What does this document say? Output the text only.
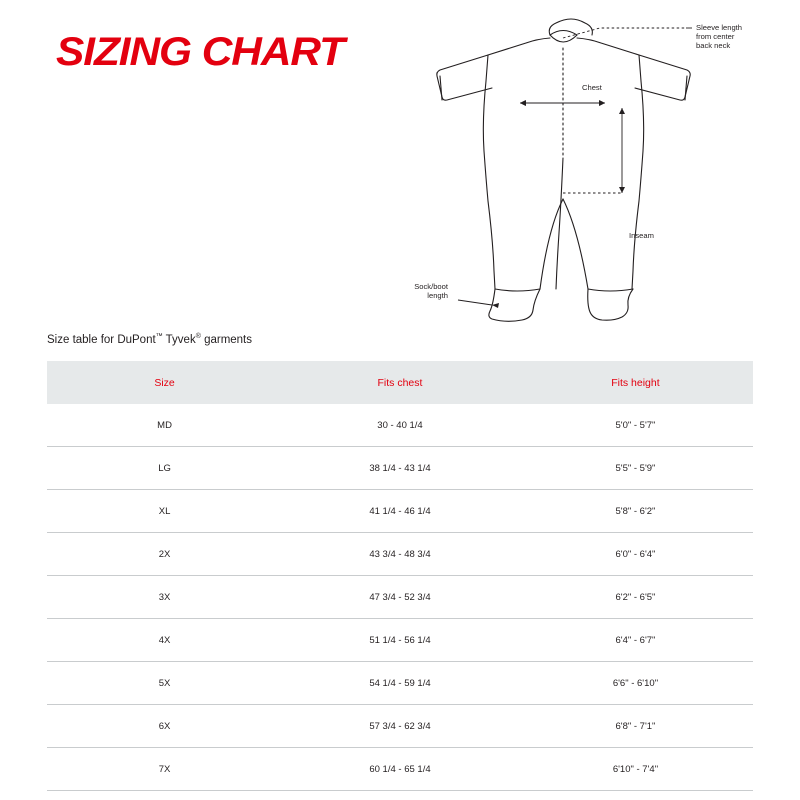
SIZING CHART
Sleeve length
from center
back neck
Chest
Inseam
Sock/boot
length
Size table for DuPont™ Tyvek® garments
Size	Fits chest	Fits height
MD	30 - 40 1/4	5'0" - 5'7"
LG	38 1/4 - 43 1/4	5'5" - 5'9"
XL	41 1/4 - 46 1/4	5'8" - 6'2"
2X	43 3/4 - 48 3/4	6'0" - 6'4"
3X	47 3/4 - 52 3/4	6'2" - 6'5"
4X	51 1/4 - 56 1/4	6'4" - 6'7"
5X	54 1/4 - 59 1/4	6'6" - 6'10"
6X	57 3/4 - 62 3/4	6'8" - 7'1"
7X	60 1/4 - 65 1/4	6'10" - 7'4"
